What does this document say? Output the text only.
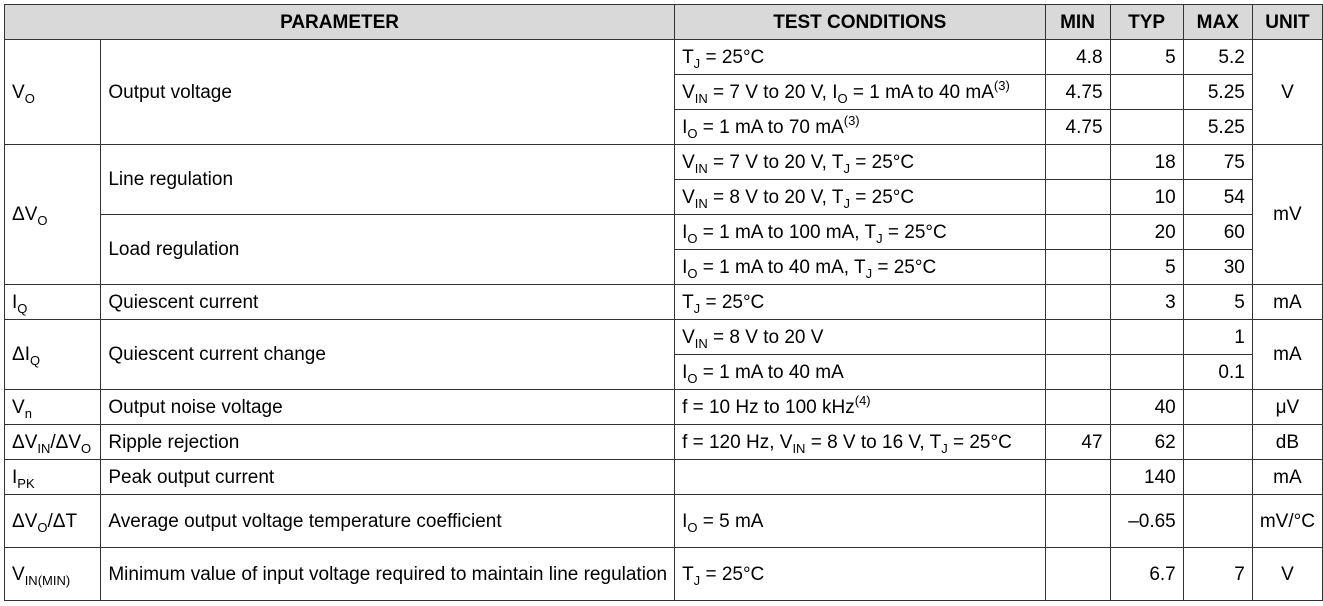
PARAMETER		TEST CONDITIONS	MIN	TYP	MAX	UNIT
$V_O$	Output voltage	$T_J = 25^\circ C$	4.8	5	5.2	V
		$V_{IN} = 7$ V to 20 V, $I_O = 1$ mA to 40 $mA^{(3)}$	4.75		5.25	
		$I_O = 1$ mA to 70 $mA^{(3)}$	4.75		5.25	
$\Delta V_O$	Line regulation	$V_{IN} = 7$ V to 20 V, $T_J = 25^\circ C$		18	75	mV
		$V_{IN} = 8$ V to 20 V, $T_J = 25^\circ C$		10	54	
	Load regulation	$I_O = 1$ mA to 100 mA, $T_J = 25^\circ C$		20	60	
		$I_O = 1$ mA to 40 mA, $T_J = 25^\circ C$		5	30	
$I_Q$	Quiescent current	$T_J = 25^\circ C$		3	5	mA
$\Delta I_Q$	Quiescent current change	$V_{IN} = 8$ V to 20 V			1	mA
		$I_O = 1$ mA to 40 mA			0.1	
$V_n$	Output noise voltage	f = 10 Hz to 100 kHz$^{(4)}$		40		μV
$\Delta V_{IN}/\Delta V_O$	Ripple rejection	f = 120 Hz, $V_{IN} = 8$ V to 16 V, $T_J = 25^\circ C$	47	62		dB
$I_{PK}$	Peak output current			140		mA
$\Delta V_O/\Delta T$	Average output voltage temperature coefficient	$I_O = 5$ mA		–0.65		mV/°C
$V_{IN(MIN)}$	Minimum value of input voltage required to maintain line regulation	$T_J = 25^\circ C$		6.7	7	V
